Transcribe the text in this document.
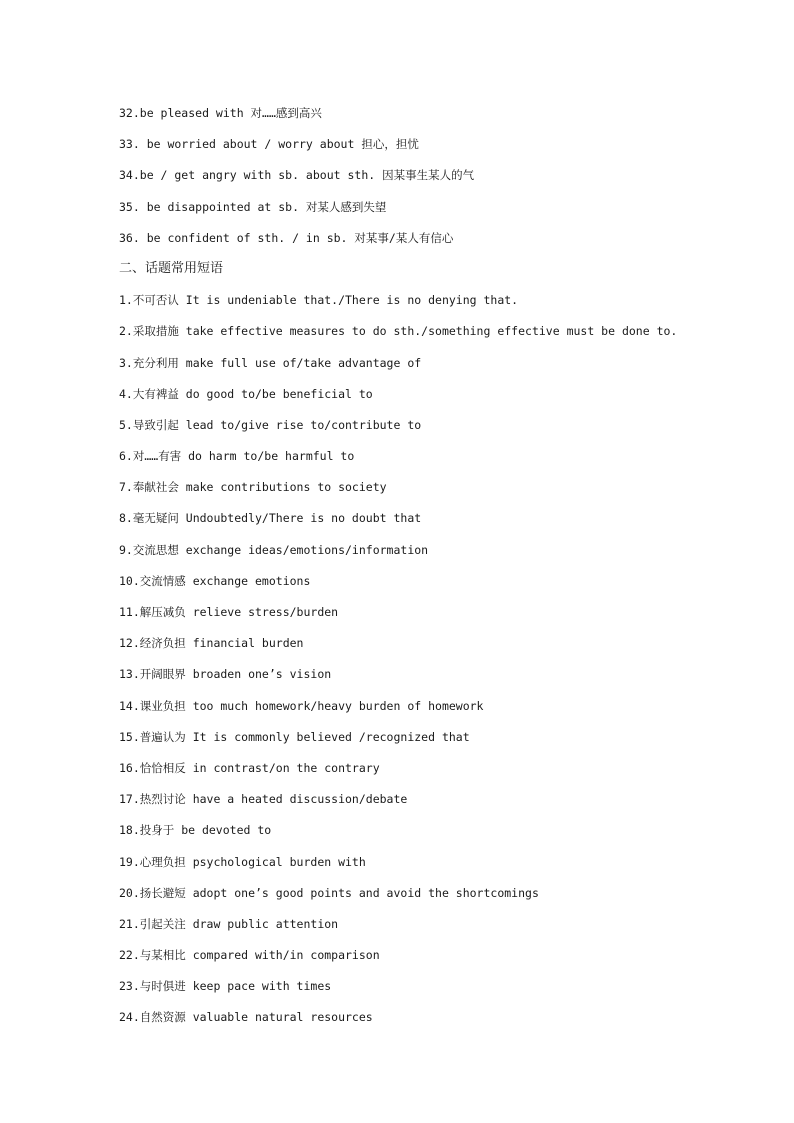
32.be pleased with 对……感到高兴
33. be worried about / worry about 担心，担忧
34.be / get angry with sb. about sth. 因某事生某人的气
35. be disappointed at sb. 对某人感到失望
36. be confident of sth. / in sb. 对某事/某人有信心
二、话题常用短语
1.不可否认 It is undeniable that./There is no denying that.
2.采取措施 take effective measures to do sth./something effective must be done to.
3.充分利用 make full use of/take advantage of
4.大有裨益 do good to/be beneficial to
5.导致引起 lead to/give rise to/contribute to
6.对……有害 do harm to/be harmful to
7.奉献社会 make contributions to society
8.毫无疑问 Undoubtedly/There is no doubt that
9.交流思想 exchange ideas/emotions/information
10.交流情感 exchange emotions
11.解压减负 relieve stress/burden
12.经济负担 financial burden
13.开阔眼界 broaden one’s vision
14.课业负担 too much homework/heavy burden of homework
15.普遍认为 It is commonly believed /recognized that
16.恰恰相反 in contrast/on the contrary
17.热烈讨论 have a heated discussion/debate
18.投身于 be devoted to
19.心理负担 psychological burden with
20.扬长避短 adopt one’s good points and avoid the shortcomings
21.引起关注 draw public attention
22.与某相比 compared with/in comparison
23.与时俱进 keep pace with times
24.自然资源 valuable natural resources
